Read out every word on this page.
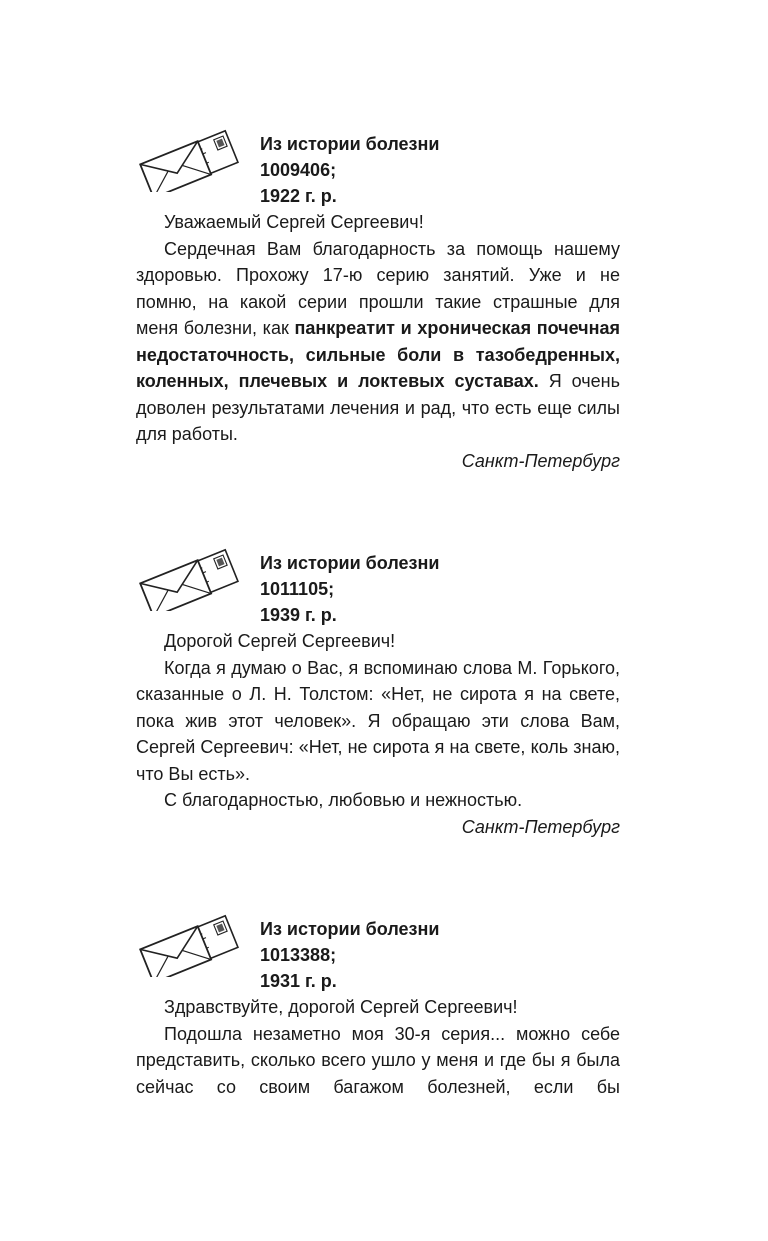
Из истории болезни
1009406;
1922 г. р.

Уважаемый Сергей Сергеевич!

Сердечная Вам благодарность за помощь нашему здоровью. Прохожу 17-ю серию занятий. Уже и не помню, на какой серии прошли такие страшные для меня болезни, как панкреатит и хроническая почечная недостаточность, сильные боли в тазобедренных, коленных, плечевых и локтевых суставах. Я очень доволен результатами лечения и рад, что есть еще силы для работы.

Санкт-Петербург

Из истории болезни
1011105;
1939 г. р.

Дорогой Сергей Сергеевич!

Когда я думаю о Вас, я вспоминаю слова М. Горького, сказанные о Л. Н. Толстом: «Нет, не сирота я на свете, пока жив этот человек». Я обращаю эти слова Вам, Сергей Сергеевич: «Нет, не сирота я на свете, коль знаю, что Вы есть».

С благодарностью, любовью и нежностью.

Санкт-Петербург

Из истории болезни
1013388;
1931 г. р.

Здравствуйте, дорогой Сергей Сергеевич!

Подошла незаметно моя 30-я серия... можно себе представить, сколько всего ушло у меня и где бы я была сейчас со своим багажом болезней, если бы
